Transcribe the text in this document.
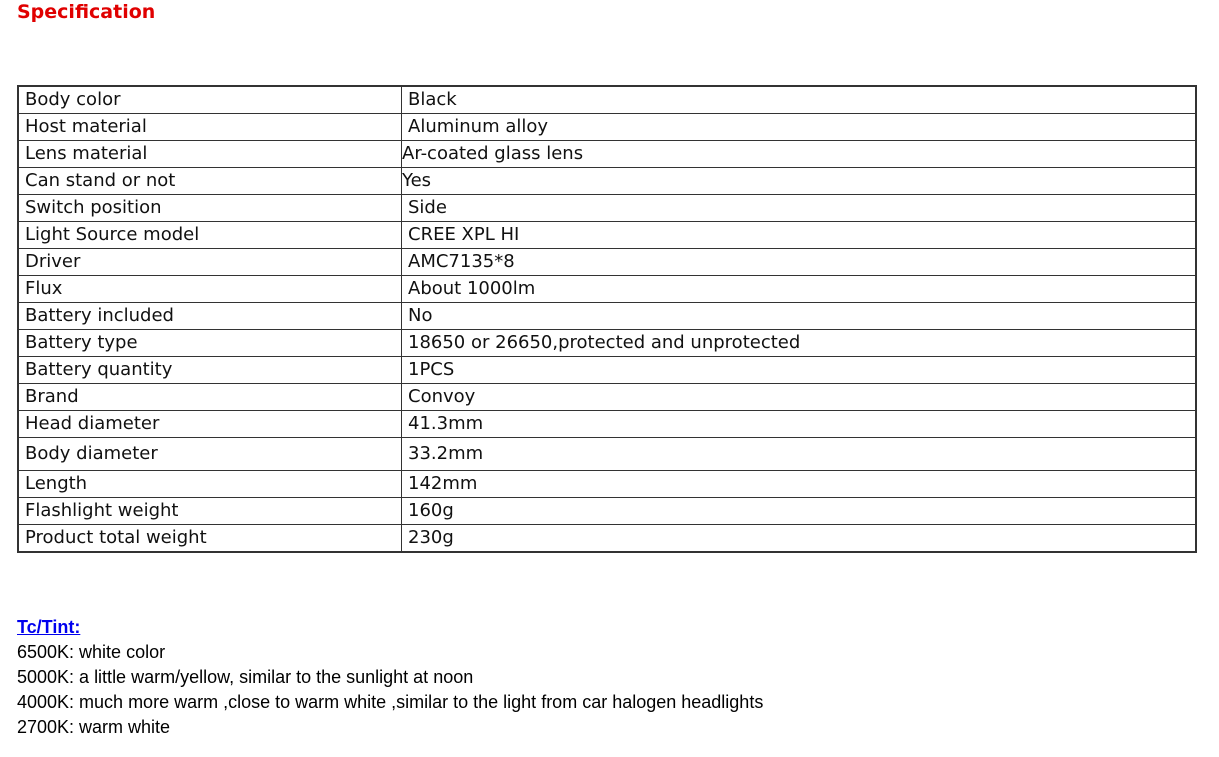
Specification
Body color	Black
Host material	Aluminum alloy
Lens material	Ar-coated glass lens
Can stand or not	Yes
Switch position	Side
Light Source model	CREE XPL HI
Driver	AMC7135*8
Flux	About 1000lm
Battery included	No
Battery type	18650 or 26650,protected and unprotected
Battery quantity	1PCS
Brand	Convoy
Head diameter	41.3mm
Body diameter	33.2mm
Length	142mm
Flashlight weight	160g
Product total weight	230g
Tc/Tint:
6500K: white color
5000K: a little warm/yellow, similar to the sunlight at noon
4000K: much more warm ,close to warm white ,similar to the light from car halogen headlights
2700K: warm white
